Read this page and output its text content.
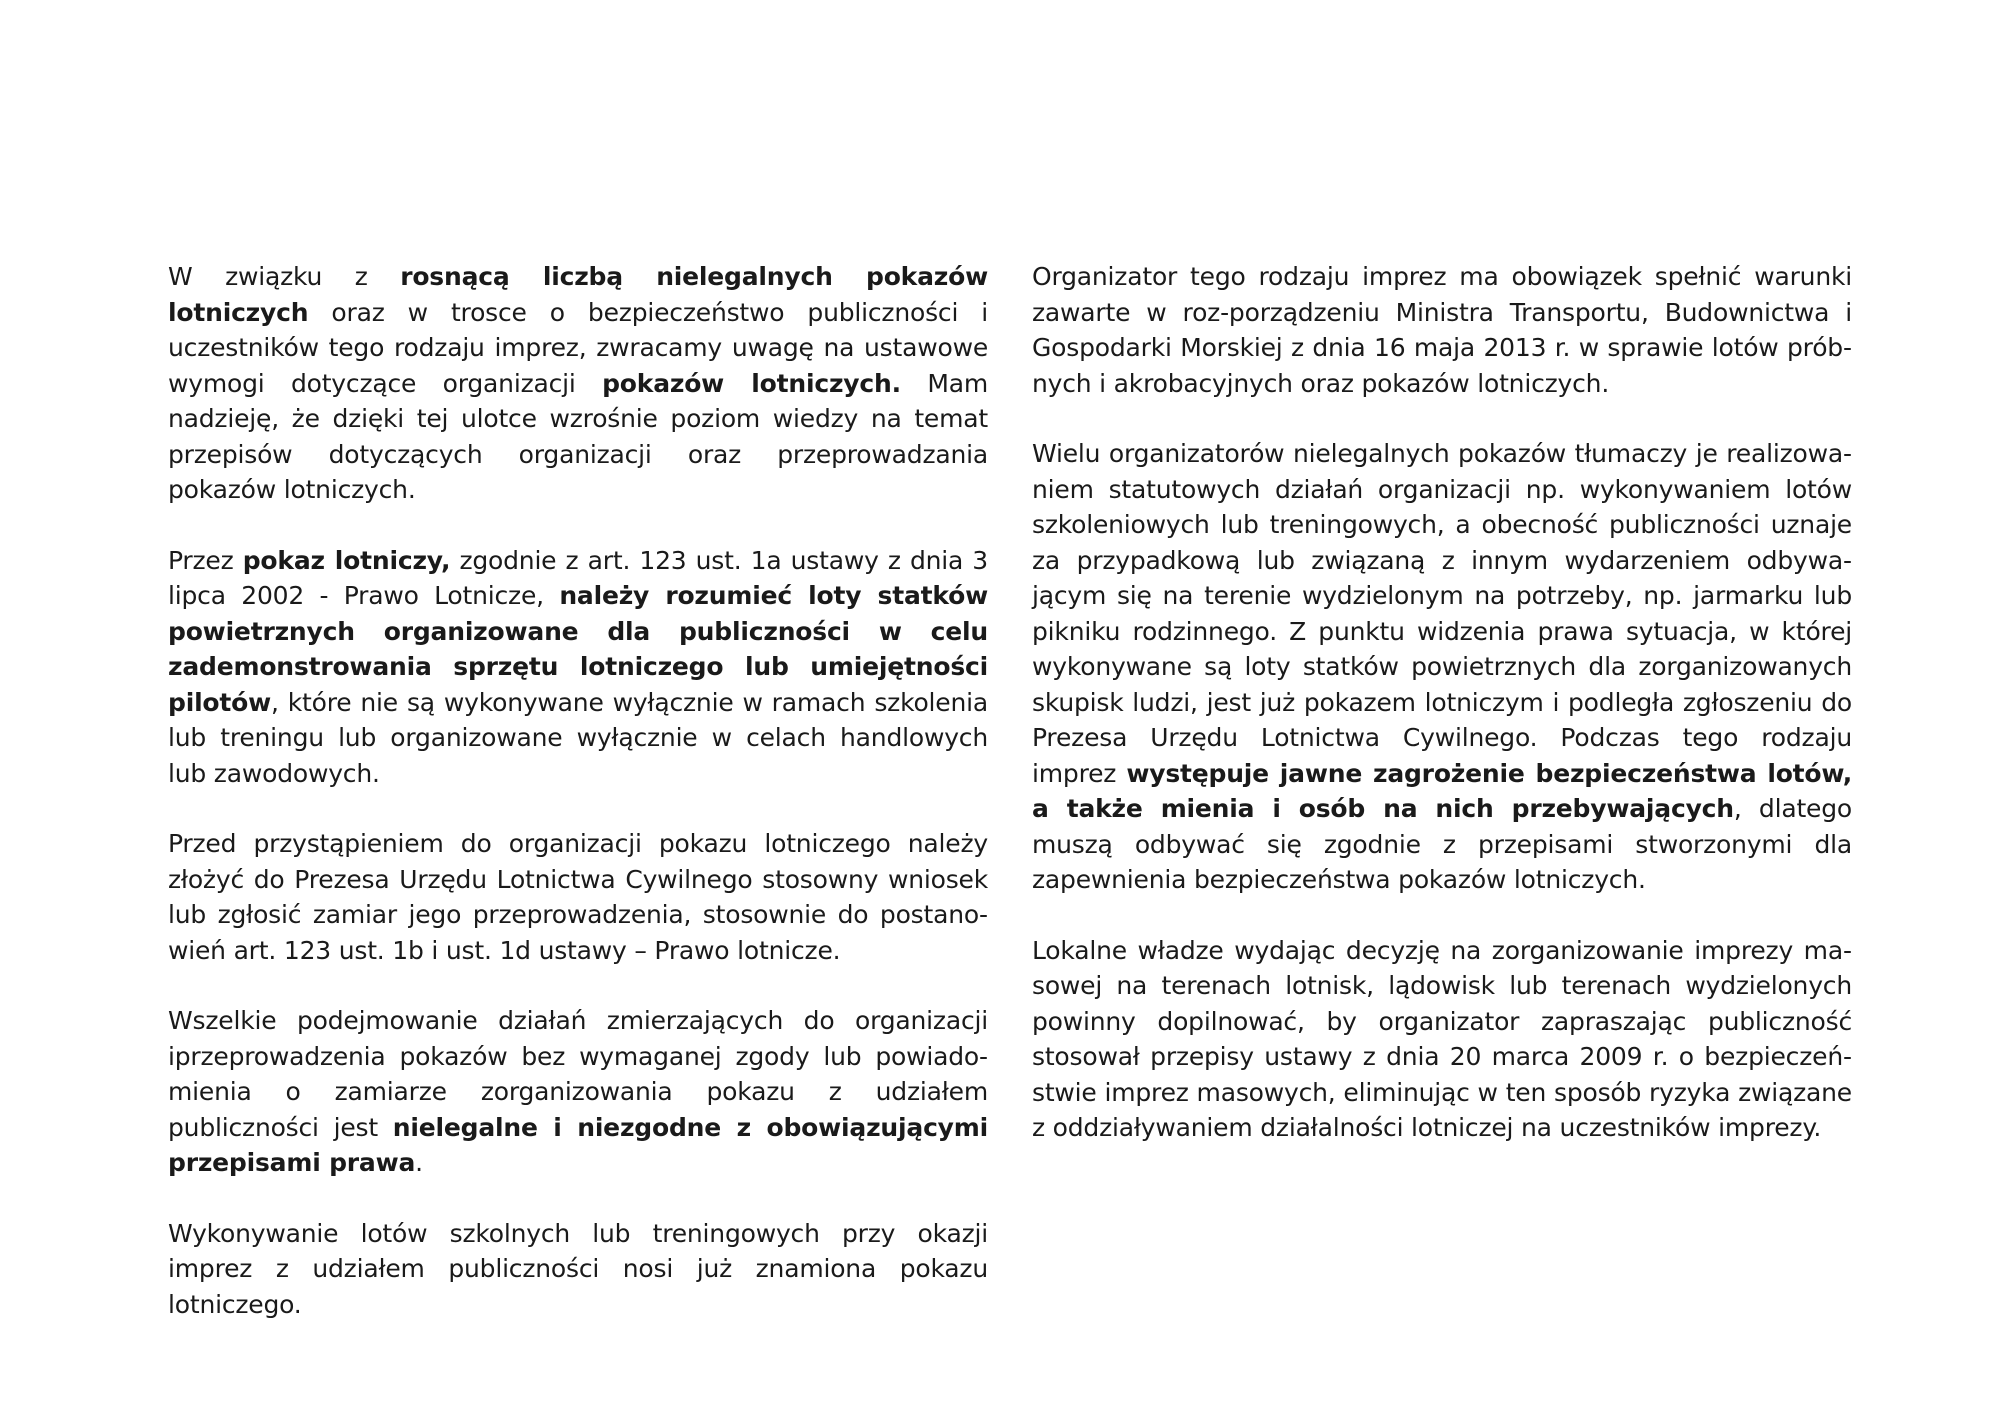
W związku z rosnącą liczbą nielegalnych pokazów lotniczych oraz w trosce o bezpieczeństwo publiczności i uczestników tego rodzaju imprez, zwracamy uwagę na ustawowe wymogi dotyczące organizacji pokazów lotniczych. Mam nadzieję, że dzięki tej ulotce wzrośnie poziom wiedzy na temat przepisów dotyczących organizacji oraz przeprowadzania pokazów lotniczych.

Przez pokaz lotniczy, zgodnie z art. 123 ust. 1a ustawy z dnia 3 lipca 2002 - Prawo Lotnicze, należy rozumieć loty statków powietrznych organizowane dla publiczności w celu zademonstrowania sprzętu lotniczego lub umiejętności pilotów, które nie są wykonywane wyłącznie w ramach szkolenia lub treningu lub organizowane wyłącznie w celach handlowych lub zawodowych.

Przed przystąpieniem do organizacji pokazu lotniczego należy złożyć do Prezesa Urzędu Lotnictwa Cywilnego stosowny wniosek lub zgłosić zamiar jego przeprowadzenia, stosownie do postanowień art. 123 ust. 1b i ust. 1d ustawy – Prawo lotnicze.

Wszelkie podejmowanie działań zmierzających do organizacji iprzeprowadzenia pokazów bez wymaganej zgody lub powiadomienia o zamiarze zorganizowania pokazu z udziałem publiczności jest nielegalne i niezgodne z obowiązującymi przepisami prawa.

Wykonywanie lotów szkolnych lub treningowych przy okazji imprez z udziałem publiczności nosi już znamiona pokazu lotniczego.

Organizator tego rodzaju imprez ma obowiązek spełnić warunki zawarte w roz-porządzeniu Ministra Transportu, Budownictwa i Gospodarki Morskiej z dnia 16 maja 2013 r. w sprawie lotów próbnych i akrobacyjnych oraz pokazów lotniczych.

Wielu organizatorów nielegalnych pokazów tłumaczy je realizowaniem statutowych działań organizacji np. wykonywaniem lotów szkoleniowych lub treningowych, a obecność publiczności uznaje za przypadkową lub związaną z innym wydarzeniem odbywającym się na terenie wydzielonym na potrzeby, np. jarmarku lub pikniku rodzinnego. Z punktu widzenia prawa sytuacja, w której wykonywane są loty statków powietrznych dla zorganizowanych skupisk ludzi, jest już pokazem lotniczym i podległa zgłoszeniu do Prezesa Urzędu Lotnictwa Cywilnego. Podczas tego rodzaju imprez występuje jawne zagrożenie bezpieczeństwa lotów, a także mienia i osób na nich przebywających, dlatego muszą odbywać się zgodnie z przepisami stworzonymi dla zapewnienia bezpieczeństwa pokazów lotniczych.

Lokalne władze wydając decyzję na zorganizowanie imprezy masowej na terenach lotnisk, lądowisk lub terenach wydzielonych powinny dopilnować, by organizator zapraszając publiczność stosował przepisy ustawy z dnia 20 marca 2009 r. o bezpieczeństwie imprez masowych, eliminując w ten sposób ryzyka związane z oddziaływaniem działalności lotniczej na uczestników imprezy.
